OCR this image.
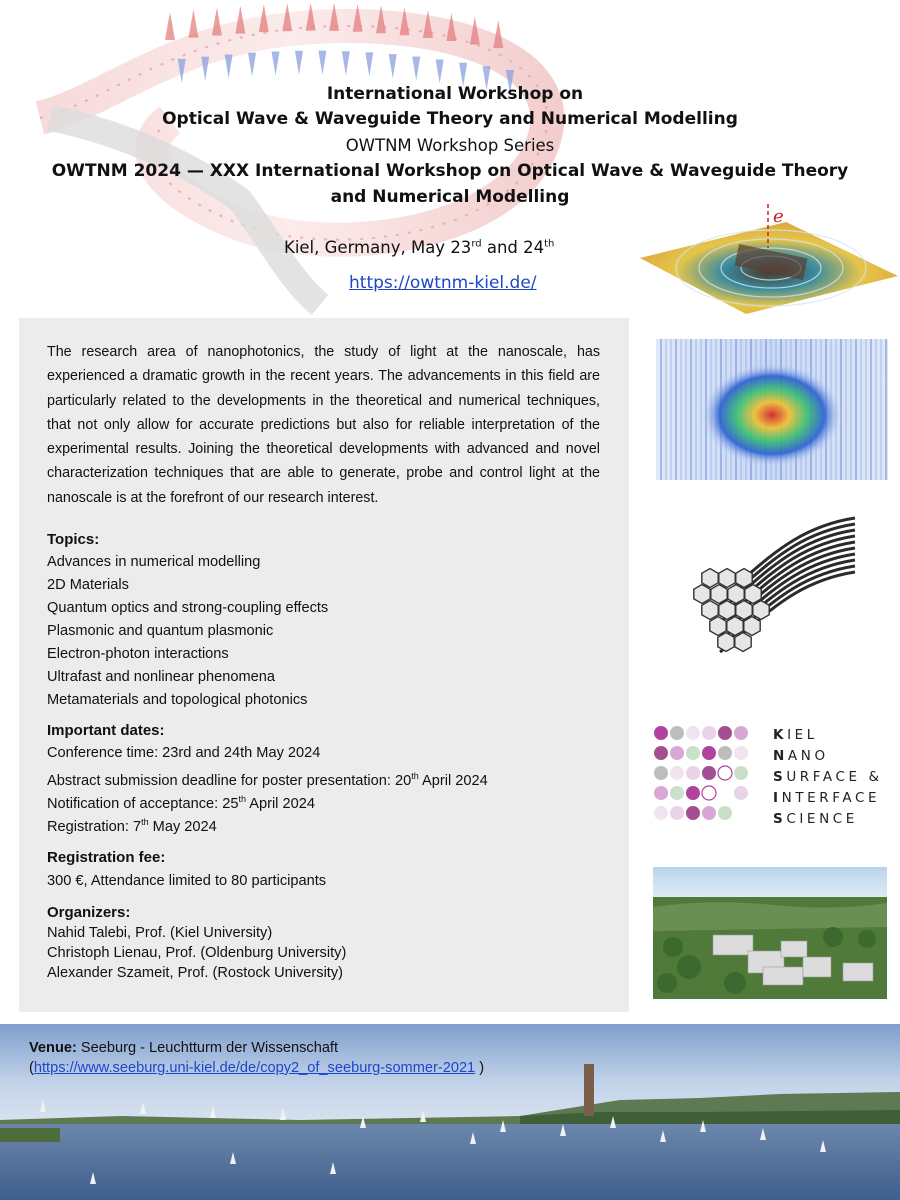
International Workshop on
Optical Wave & Waveguide Theory and Numerical Modelling
OWTNM Workshop Series
OWTNM 2024 — XXX International Workshop on Optical Wave & Waveguide Theory
and Numerical Modelling
Kiel, Germany, May 23rd and 24th
https://owtnm-kiel.de/
e
KIEL
NANO
SURFACE &
INTERFACE
SCIENCE

The research area of nanophotonics, the study of light at the nanoscale, has experienced a dramatic growth in the recent years. The advancements in this field are particularly related to the developments in the theoretical and numerical techniques, that not only allow for accurate predictions but also for reliable interpretation of the experimental results. Joining the theoretical developments with advanced and novel characterization techniques that are able to generate, probe and control light at the nanoscale is at the forefront of our research interest.

Topics:
Advances in numerical modelling
2D Materials
Quantum optics and strong-coupling effects
Plasmonic and quantum plasmonic
Electron-photon interactions
Ultrafast and nonlinear phenomena
Metamaterials and topological photonics
Important dates:
Conference time: 23rd and 24th May 2024
Abstract submission deadline for poster presentation: 20th April 2024
Notification of acceptance: 25th April 2024
Registration: 7th May 2024
Registration fee:
300 €, Attendance limited to 80 participants
Organizers:
Nahid Talebi, Prof. (Kiel University)
Christoph Lienau, Prof. (Oldenburg University)
Alexander Szameit, Prof. (Rostock University)
Venue: Seeburg - Leuchtturm der Wissenschaft
(https://www.seeburg.uni-kiel.de/de/copy2_of_seeburg-sommer-2021 )
